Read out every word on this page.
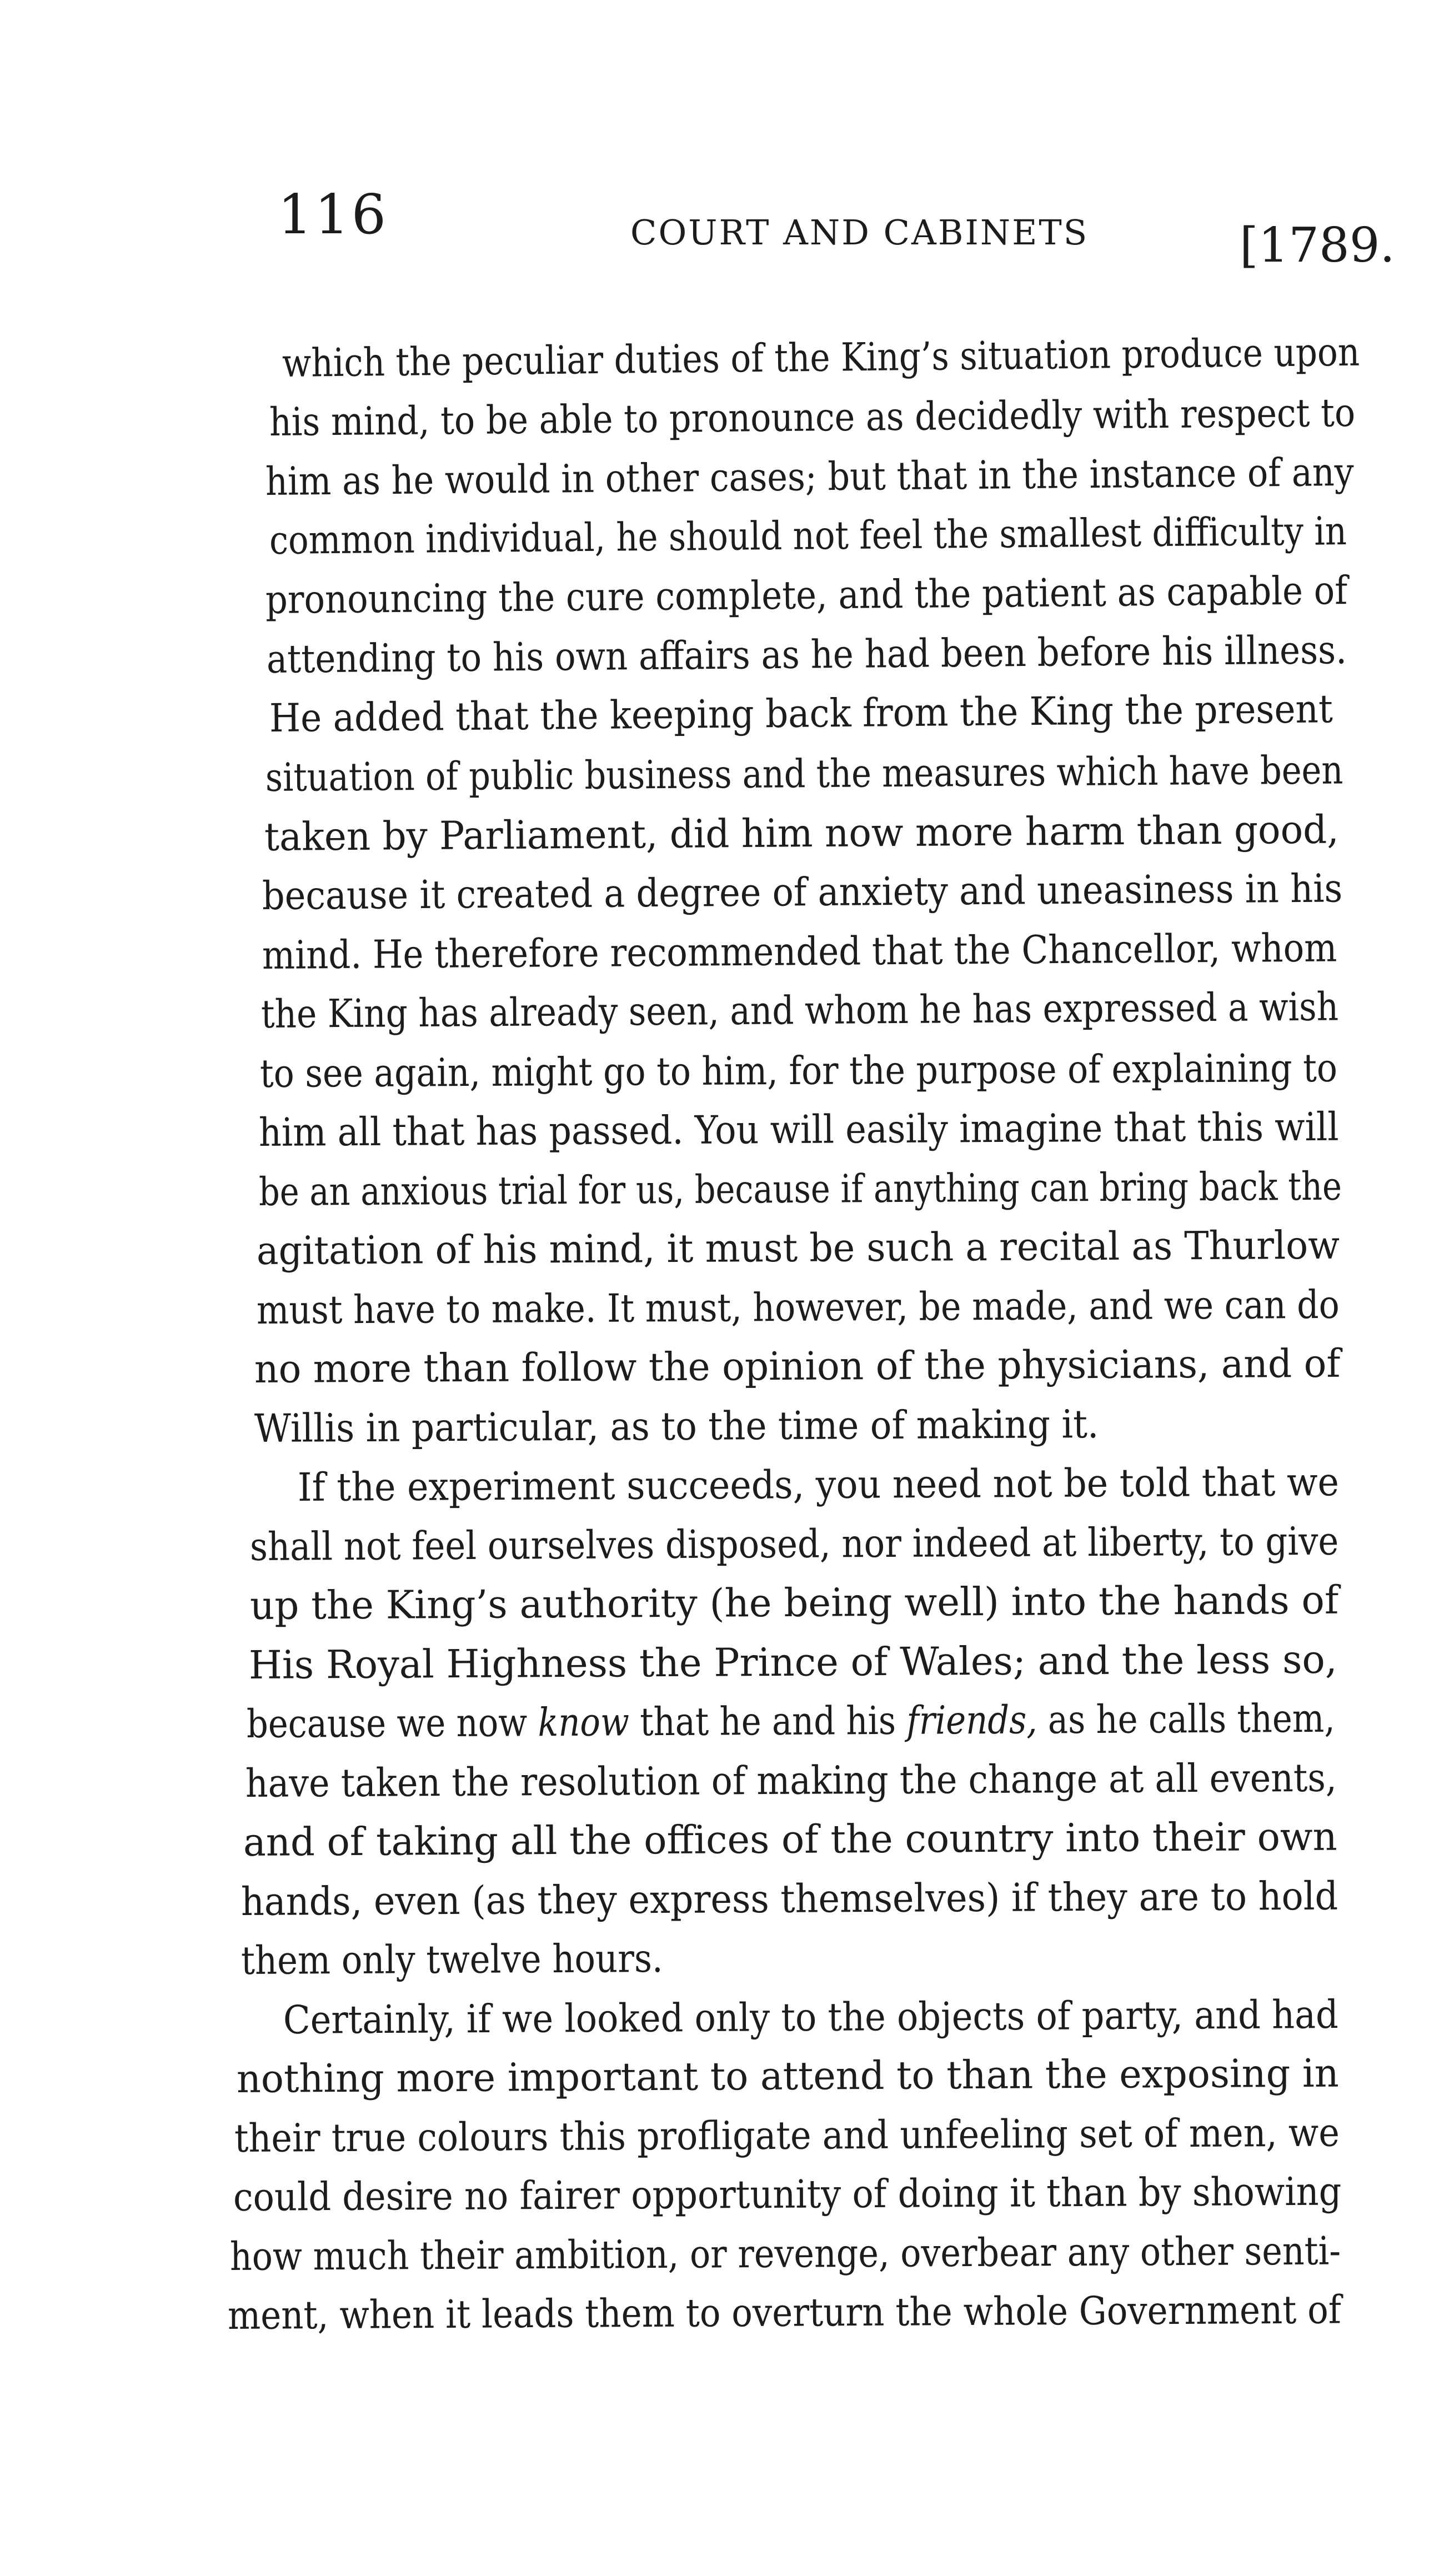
116	COURT AND CABINETS	[1789.
which the peculiar duties of the King’s situation produce upon
his mind, to be able to pronounce as decidedly with respect to
him as he would in other cases; but that in the instance of any
common individual, he should not feel the smallest difficulty in
pronouncing the cure complete, and the patient as capable of
attending to his own affairs as he had been before his illness.
He added that the keeping back from the King the present
situation of public business and the measures which have been
taken by Parliament, did him now more harm than good,
because it created a degree of anxiety and uneasiness in his
mind. He therefore recommended that the Chancellor, whom
the King has already seen, and whom he has expressed a wish
to see again, might go to him, for the purpose of explaining to
him all that has passed. You will easily imagine that this will
be an anxious trial for us, because if anything can bring back the
agitation of his mind, it must be such a recital as Thurlow
must have to make. It must, however, be made, and we can do
no more than follow the opinion of the physicians, and of
Willis in particular, as to the time of making it.
If the experiment succeeds, you need not be told that we
shall not feel ourselves disposed, nor indeed at liberty, to give
up the King’s authority (he being well) into the hands of
His Royal Highness the Prince of Wales; and the less so,
because we now know that he and his friends, as he calls them,
have taken the resolution of making the change at all events,
and of taking all the offices of the country into their own
hands, even (as they express themselves) if they are to hold
them only twelve hours.
Certainly, if we looked only to the objects of party, and had
nothing more important to attend to than the exposing in
their true colours this profligate and unfeeling set of men, we
could desire no fairer opportunity of doing it than by showing
how much their ambition, or revenge, overbear any other senti-
ment, when it leads them to overturn the whole Government of
